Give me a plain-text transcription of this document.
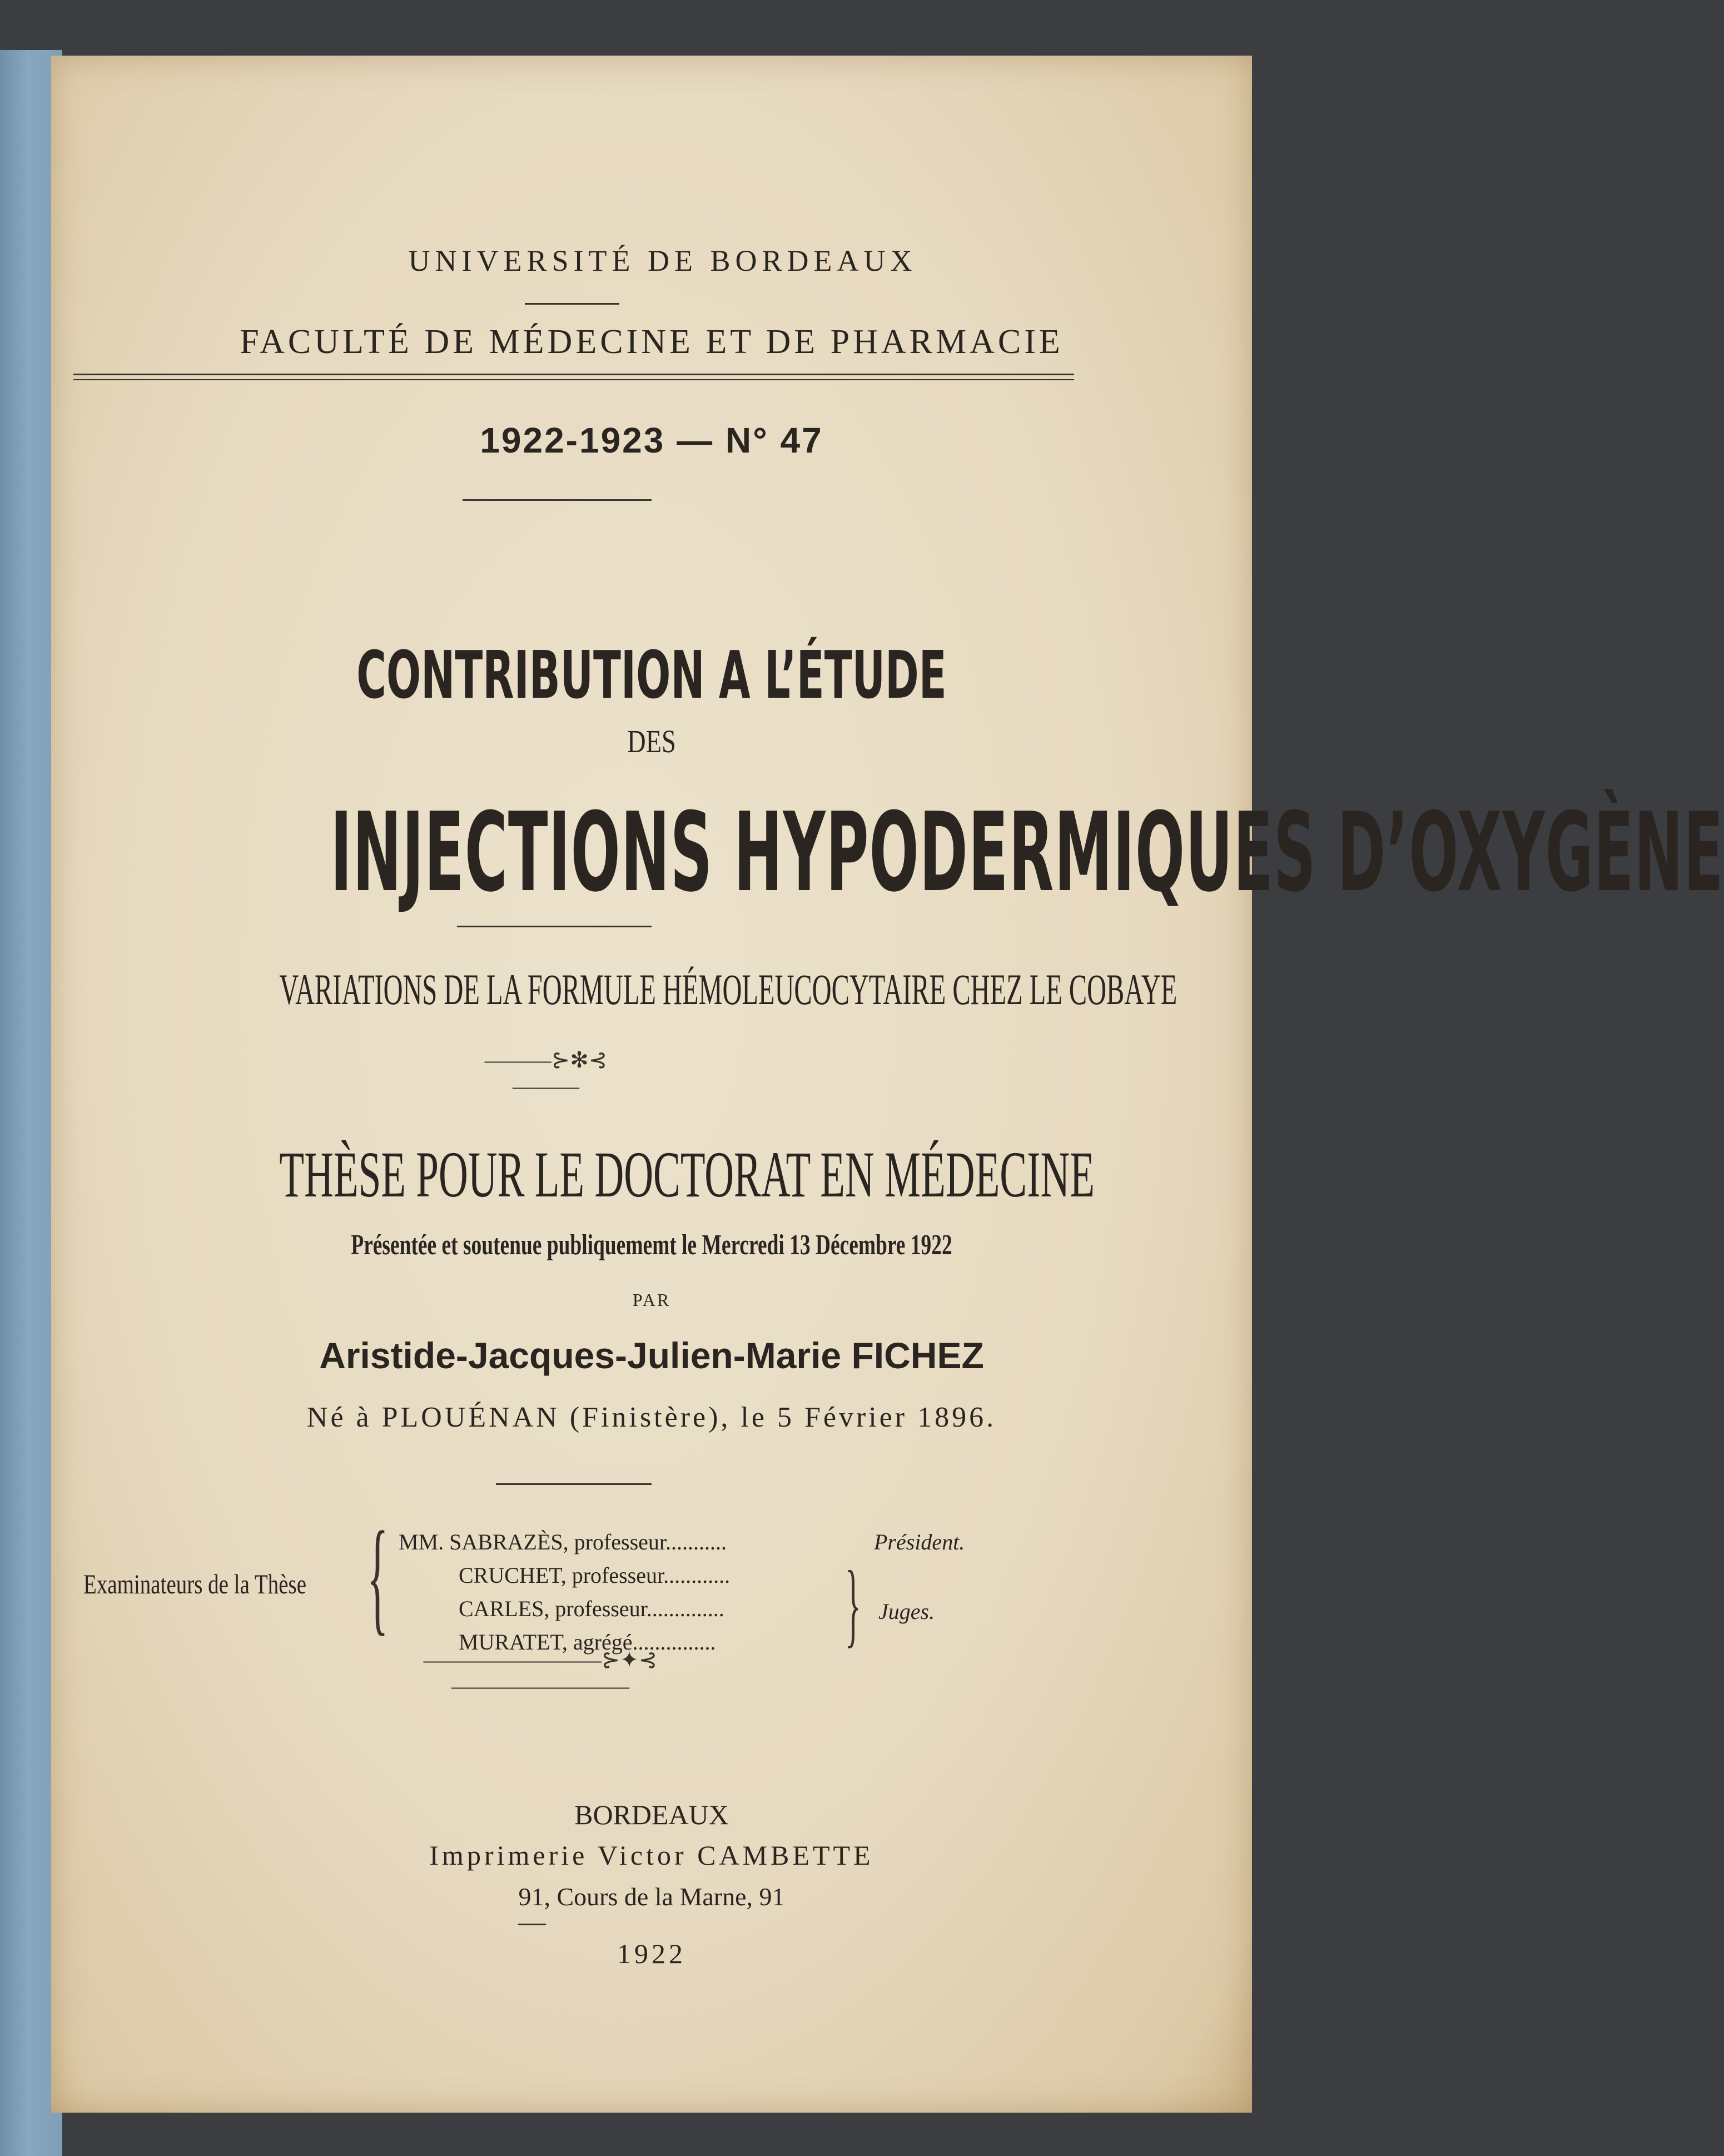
UNIVERSITÉ DE BORDEAUX
FACULTÉ DE MÉDECINE ET DE PHARMACIE
1922-1923 — N° 47
CONTRIBUTION A L’ÉTUDE
DES
INJECTIONS HYPODERMIQUES D’OXYGÈNE
VARIATIONS DE LA FORMULE HÉMOLEUCOCYTAIRE CHEZ LE COBAYE
———⊱✻⊰———
THÈSE POUR LE DOCTORAT EN MÉDECINE
Présentée et soutenue publiquememt le Mercredi 13 Décembre 1922
PAR
Aristide-Jacques-Julien-Marie FICHEZ
Né à PLOUÉNAN (Finistère), le 5 Février 1896.
Examinateurs de la Thèse { MM. SABRAZÈS, professeur...........
CRUCHET, professeur............
CARLES, professeur..............
MURATET, agrégé...............
Président.
} Juges.
————————⊱✦⊰————————
BORDEAUX
Imprimerie Victor CAMBETTE
91, Cours de la Marne, 91
1922
